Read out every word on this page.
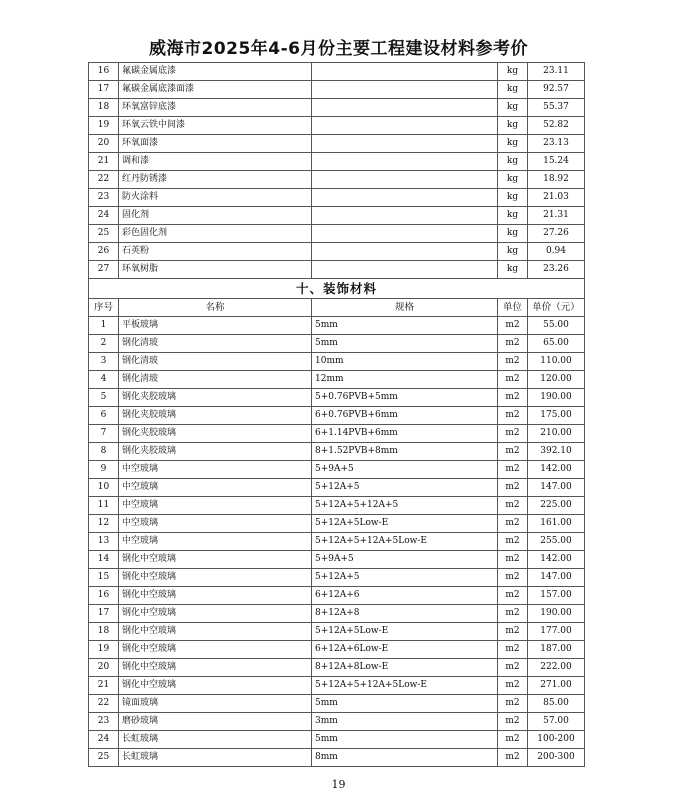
威海市2025年4-6月份主要工程建设材料参考价
16	氟碳金属底漆		kg	23.11
17	氟碳金属底漆面漆		kg	92.57
18	环氧富锌底漆		kg	55.37
19	环氧云铁中间漆		kg	52.82
20	环氧面漆		kg	23.13
21	调和漆		kg	15.24
22	红丹防锈漆		kg	18.92
23	防火涂料		kg	21.03
24	固化剂		kg	21.31
25	彩色固化剂		kg	27.26
26	石英粉		kg	0.94
27	环氧树脂		kg	23.26
十、装饰材料				
序号	名称	规格	单位	单价（元）
1	平板玻璃	5mm	m2	55.00
2	钢化清玻	5mm	m2	65.00
3	钢化清玻	10mm	m2	110.00
4	钢化清玻	12mm	m2	120.00
5	钢化夹胶玻璃	5+0.76PVB+5mm	m2	190.00
6	钢化夹胶玻璃	6+0.76PVB+6mm	m2	175.00
7	钢化夹胶玻璃	6+1.14PVB+6mm	m2	210.00
8	钢化夹胶玻璃	8+1.52PVB+8mm	m2	392.10
9	中空玻璃	5+9A+5	m2	142.00
10	中空玻璃	5+12A+5	m2	147.00
11	中空玻璃	5+12A+5+12A+5	m2	225.00
12	中空玻璃	5+12A+5Low-E	m2	161.00
13	中空玻璃	5+12A+5+12A+5Low-E	m2	255.00
14	钢化中空玻璃	5+9A+5	m2	142.00
15	钢化中空玻璃	5+12A+5	m2	147.00
16	钢化中空玻璃	6+12A+6	m2	157.00
17	钢化中空玻璃	8+12A+8	m2	190.00
18	钢化中空玻璃	5+12A+5Low-E	m2	177.00
19	钢化中空玻璃	6+12A+6Low-E	m2	187.00
20	钢化中空玻璃	8+12A+8Low-E	m2	222.00
21	钢化中空玻璃	5+12A+5+12A+5Low-E	m2	271.00
22	镜面玻璃	5mm	m2	85.00
23	磨砂玻璃	3mm	m2	57.00
24	长虹玻璃	5mm	m2	100-200
25	长虹玻璃	8mm	m2	200-300
19
